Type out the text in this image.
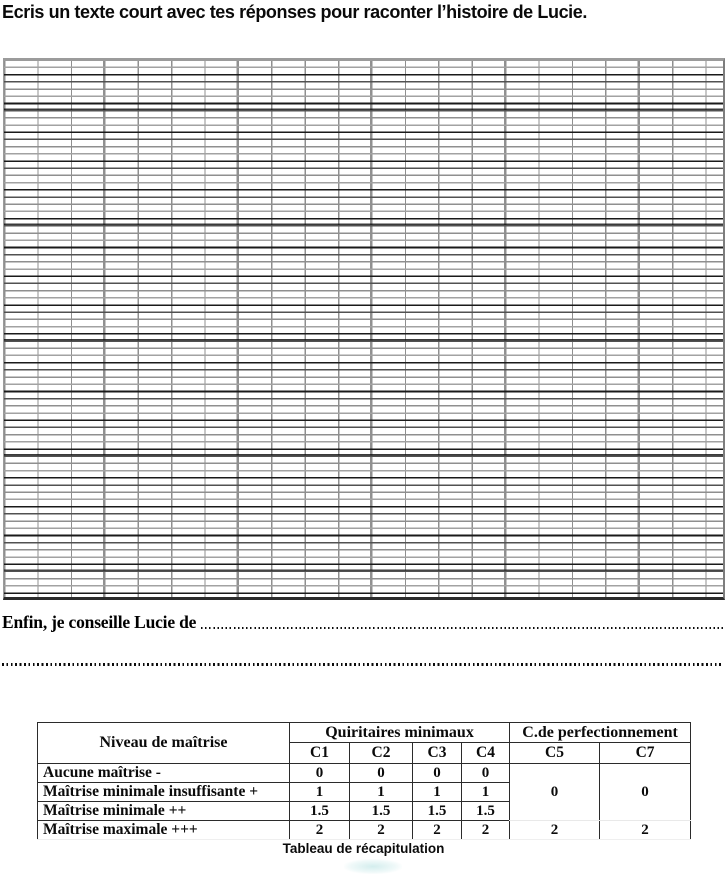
Ecris un texte court avec tes réponses pour raconter l’histoire de Lucie.
Enfin, je conseille Lucie de
Niveau de maîtrise	Quiritaires minimaux				C.de perfectionnement	
	C1	C2	C3	C4	C5	C7
Aucune maîtrise -	0	0	0	0	0	0
Maîtrise minimale insuffisante +	1	1	1	1		
Maîtrise minimale ++	1.5	1.5	1.5	1.5		
Maîtrise maximale +++	2	2	2	2	2	2
Tableau de récapitulation
